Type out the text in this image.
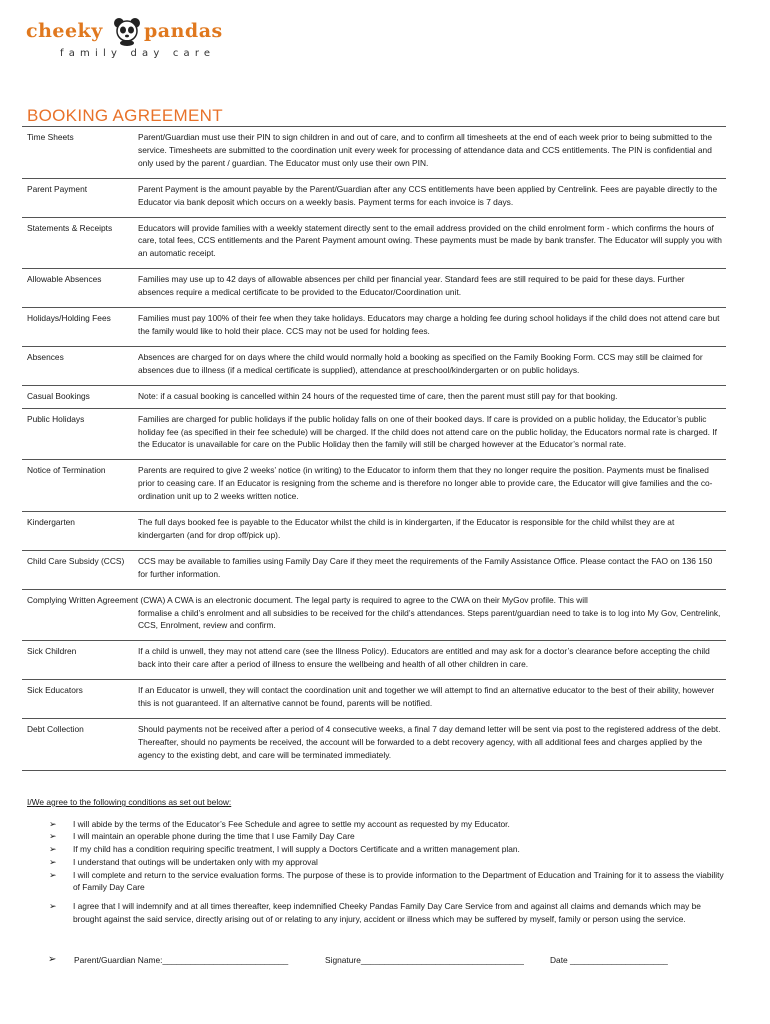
cheeky pandas
family day care
BOOKING AGREEMENT
Time Sheets	Parent/Guardian must use their PIN to sign children in and out of care, and to confirm all timesheets at the end of each week prior to being submitted to the service. Timesheets are submitted to the coordination unit every week for processing of attendance data and CCS entitlements. The PIN is confidential and only used by the parent / guardian. The Educator must only use their own PIN.
Parent Payment	Parent Payment is the amount payable by the Parent/Guardian after any CCS entitlements have been applied by Centrelink. Fees are payable directly to the Educator via bank deposit which occurs on a weekly basis. Payment terms for each invoice is 7 days.
Statements & Receipts	Educators will provide families with a weekly statement directly sent to the email address provided on the child enrolment form - which confirms the hours of care, total fees, CCS entitlements and the Parent Payment amount owing. These payments must be made by bank transfer. The Educator will supply you with an automatic receipt.
Allowable Absences	Families may use up to 42 days of allowable absences per child per financial year. Standard fees are still required to be paid for these days. Further absences require a medical certificate to be provided to the Educator/Coordination unit.
Holidays/Holding Fees	Families must pay 100% of their fee when they take holidays. Educators may charge a holding fee during school holidays if the child does not attend care but the family would like to hold their place. CCS may not be used for holding fees.
Absences	Absences are charged for on days where the child would normally hold a booking as specified on the Family Booking Form. CCS may still be claimed for absences due to illness (if a medical certificate is supplied), attendance at preschool/kindergarten or on public holidays.
Casual Bookings	Note: if a casual booking is cancelled within 24 hours of the requested time of care, then the parent must still pay for that booking.
Public Holidays	Families are charged for public holidays if the public holiday falls on one of their booked days. If care is provided on a public holiday, the Educator’s public holiday fee (as specified in their fee schedule) will be charged. If the child does not attend care on the public holiday, the Educators normal rate is charged. If the Educator is unavailable for care on the Public Holiday then the family will still be charged however at the Educator’s normal rate.
Notice of Termination	Parents are required to give 2 weeks’ notice (in writing) to the Educator to inform them that they no longer require the position. Payments must be finalised prior to ceasing care. If an Educator is resigning from the scheme and is therefore no longer able to provide care, the Educator will give families and the co-ordination unit up to 2 weeks written notice.
Kindergarten	The full days booked fee is payable to the Educator whilst the child is in kindergarten, if the Educator is responsible for the child whilst they are at kindergarten (and for drop off/pick up).
Child Care Subsidy (CCS)	CCS may be available to families using Family Day Care if they meet the requirements of the Family Assistance Office. Please contact the FAO on 136 150 for further information.
Complying Written Agreement (CWA) A CWA is an electronic document. The legal party is required to agree to the CWA on their MyGov profile. This will
formalise a child’s enrolment and all subsidies to be received for the child’s attendances. Steps parent/guardian need to take is to log into My Gov, Centrelink, CCS, Enrolment, review and confirm.
Sick Children	If a child is unwell, they may not attend care (see the Illness Policy). Educators are entitled and may ask for a doctor’s clearance before accepting the child back into their care after a period of illness to ensure the wellbeing and health of all other children in care.
Sick Educators	If an Educator is unwell, they will contact the coordination unit and together we will attempt to find an alternative educator to the best of their ability, however this is not guaranteed. If an alternative cannot be found, parents will be notified.
Debt Collection	Should payments not be received after a period of 4 consecutive weeks, a final 7 day demand letter will be sent via post to the registered address of the debt. Thereafter, should no payments be received, the account will be forwarded to a debt recovery agency, with all additional fees and charges applied by the agency to the existing debt, and care will be terminated immediately.
I/We agree to the following conditions as set out below:
➢ I will abide by the terms of the Educator’s Fee Schedule and agree to settle my account as requested by my Educator.
➢ I will maintain an operable phone during the time that I use Family Day Care
➢ If my child has a condition requiring specific treatment, I will supply a Doctors Certificate and a written management plan.
➢ I understand that outings will be undertaken only with my approval
➢ I will complete and return to the service evaluation forms. The purpose of these is to provide information to the Department of Education and Training for it to assess the viability of Family Day Care
➢ I agree that I will indemnify and at all times thereafter, keep indemnified Cheeky Pandas Family Day Care Service from and against all claims and demands which may be brought against the said service, directly arising out of or relating to any injury, accident or illness which may be suffered by myself, family or person using the service.
➢ Parent/Guardian Name:___________________________	Signature___________________________________	Date _____________________
